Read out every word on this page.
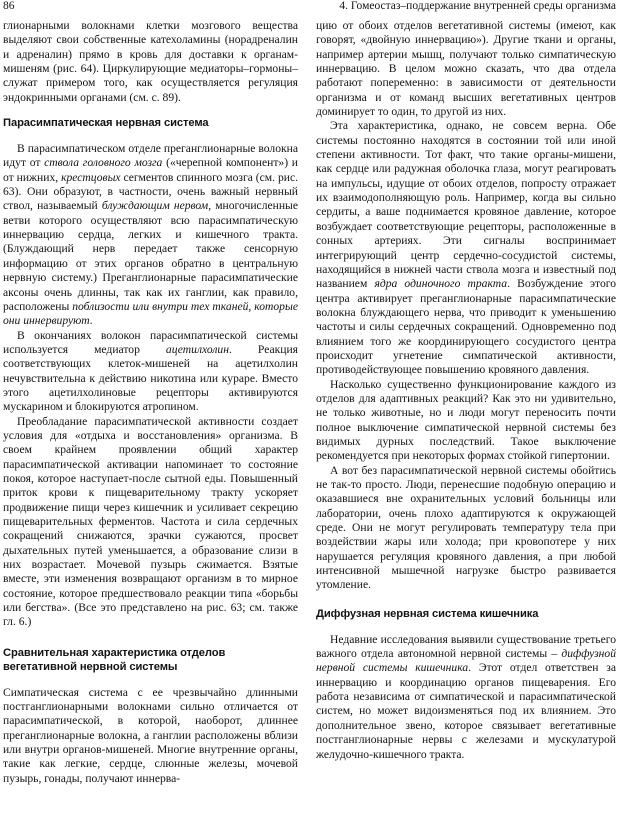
86	4. Гомеостаз–поддержание внутренней среды организма

глионарными волокнами клетки мозгового вещества выделяют свои собственные катехоламины (норадреналин и адреналин) прямо в кровь для доставки к органам-мишеням (рис. 64). Циркулирующие медиаторы–гормоны–служат примером того, как осуществляется регуляция эндокринными органами (см. с. 89).

Парасимпатическая нервная система

В парасимпатическом отделе преганглионарные волокна идут от ствола головного мозга («черепной компонент») и от нижних, крестцовых сегментов спинного мозга (см. рис. 63). Они образуют, в частности, очень важный нервный ствол, называемый блуждающим нервом, многочисленные ветви которого осуществляют всю парасимпатическую иннервацию сердца, легких и кишечного тракта. (Блуждающий нерв передает также сенсорную информацию от этих органов обратно в центральную нервную систему.) Преганглионарные парасимпатические аксоны очень длинны, так как их ганглии, как правило, расположены поблизости или внутри тех тканей, которые они иннервируют.

В окончаниях волокон парасимпатической системы используется медиатор ацетилхолин. Реакция соответствующих клеток-мишеней на ацетилхолин нечувствительна к действию никотина или кураре. Вместо этого ацетилхолиновые рецепторы активируются мускарином и блокируются атропином.

Преобладание парасимпатической активности создает условия для «отдыха и восстановления» организма. В своем крайнем проявлении общий характер парасимпатической активации напоминает то состояние покоя, которое наступает-после сытной еды. Повышенный приток крови к пищеварительному тракту ускоряет продвижение пищи через кишечник и усиливает секрецию пищеварительных ферментов. Частота и сила сердечных сокращений снижаются, зрачки сужаются, просвет дыхательных путей уменьшается, а образование слизи в них возрастает. Мочевой пузырь сжимается. Взятые вместе, эти изменения возвращают организм в то мирное состояние, которое предшествовало реакции типа «борьбы или бегства». (Все это представлено на рис. 63; см. также гл. 6.)

Сравнительная характеристика отделов вегетативной нервной системы

Симпатическая система с ее чрезвычайно длинными постганглионарными волокнами сильно отличается от парасимпатической, в которой, наоборот, длиннее преганглионарные волокна, а ганглии расположены вблизи или внутри органов-мишеней. Многие внутренние органы, такие как легкие, сердце, слюнные железы, мочевой пузырь, гонады, получают иннерва-

цию от обоих отделов вегетативной системы (имеют, как говорят, «двойную иннервацию»). Другие ткани и органы, например артерии мышц, получают только симпатическую иннервацию. В целом можно сказать, что два отдела работают попеременно: в зависимости от деятельности организма и от команд высших вегетативных центров доминирует то один, то другой из них.

Эта характеристика, однако, не совсем верна. Обе системы постоянно находятся в состоянии той или иной степени активности. Тот факт, что такие органы-мишени, как сердце или радужная оболочка глаза, могут реагировать на импульсы, идущие от обоих отделов, попросту отражает их взаимодополняющую роль. Например, когда вы сильно сердиты, а ваше поднимается кровяное давление, которое возбуждает соответствующие рецепторы, расположенные в сонных артериях. Эти сигналы воспринимает интегрирующий центр сердечно-сосудистой системы, находящийся в нижней части ствола мозга и известный под названием ядра одиночного тракта. Возбуждение этого центра активирует преганглионарные парасимпатические волокна блуждающего нерва, что приводит к уменьшению частоты и силы сердечных сокращений. Одновременно под влиянием того же координирующего сосудистого центра происходит угнетение симпатической активности, противодействующее повышению кровяного давления.

Насколько существенно функционирование каждого из отделов для адаптивных реакций? Как это ни удивительно, не только животные, но и люди могут переносить почти полное выключение симпатической нервной системы без видимых дурных последствий. Такое выключение рекомендуется при некоторых формах стойкой гипертонии.

А вот без парасимпатической нервной системы обойтись не так-то просто. Люди, перенесшие подобную операцию и оказавшиеся вне охранительных условий больницы или лаборатории, очень плохо адаптируются к окружающей среде. Они не могут регулировать температуру тела при воздействии жары или холода; при кровопотере у них нарушается регуляция кровяного давления, а при любой интенсивной мышечной нагрузке быстро развивается утомление.

Диффузная нервная система кишечника

Недавние исследования выявили существование третьего важного отдела автономной нервной системы – диффузной нервной системы кишечника. Этот отдел ответствен за иннервацию и координацию органов пищеварения. Его работа независима от симпатической и парасимпатической систем, но может видоизменяться под их влиянием. Это дополнительное звено, которое связывает вегетативные постганглионарные нервы с железами и мускулатурой желудочно-кишечного тракта.
